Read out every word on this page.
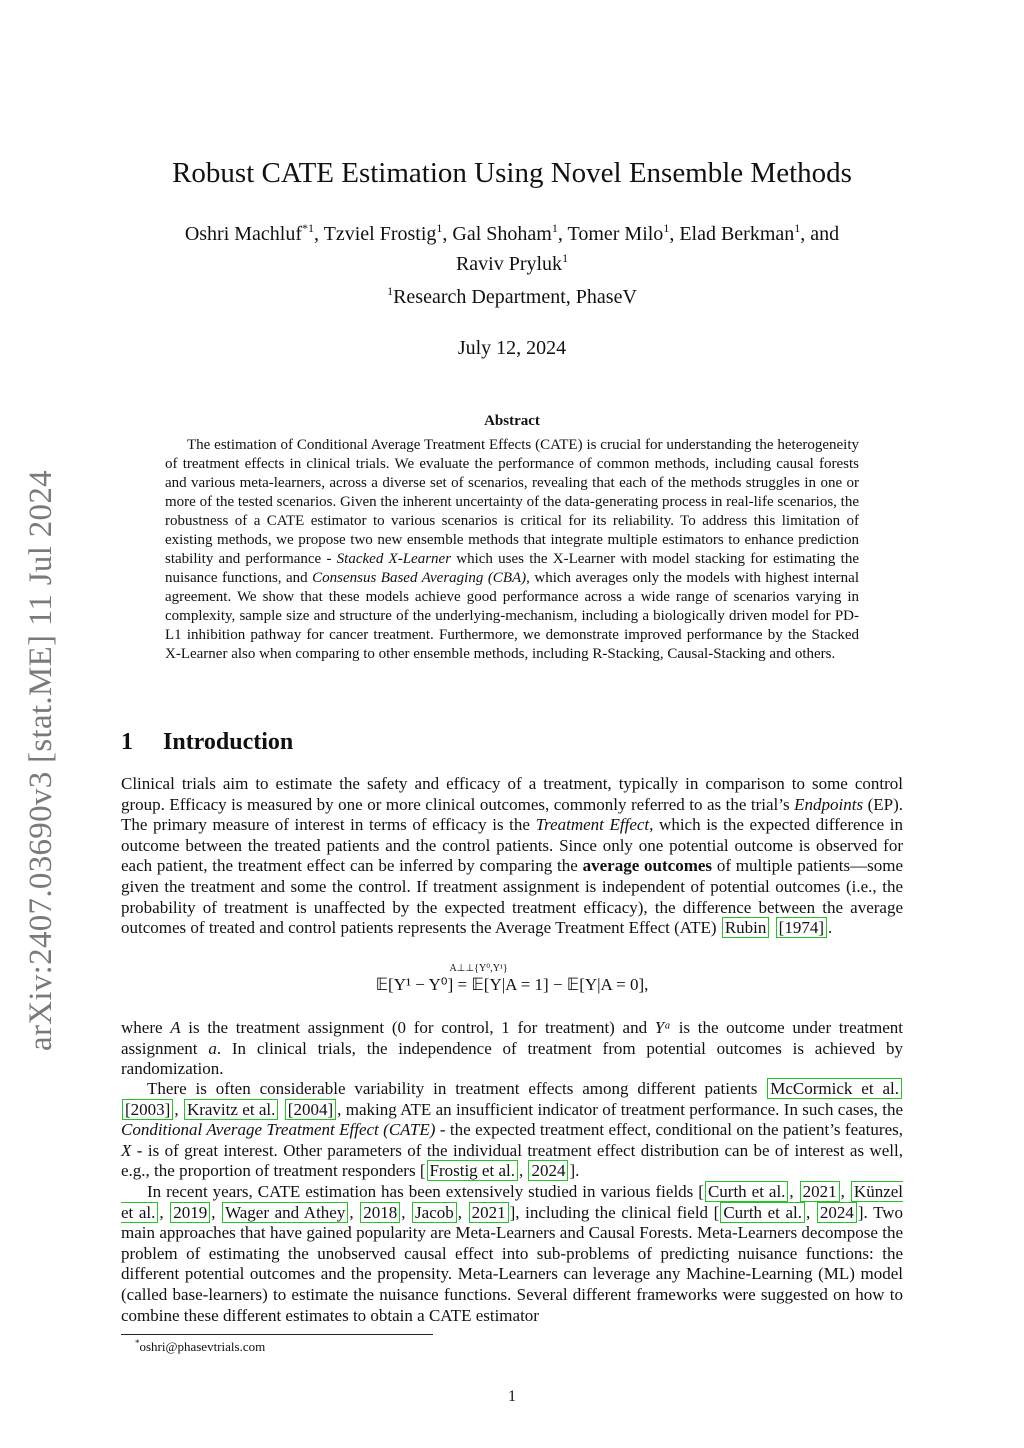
arXiv:2407.03690v3 [stat.ME] 11 Jul 2024
Robust CATE Estimation Using Novel Ensemble Methods
Oshri Machluf$^{*1}$, Tzviel Frostig$^1$, Gal Shoham$^1$, Tomer Milo$^1$, Elad Berkman$^1$, and
Raviv Pryluk$^1$
$^1$Research Department, PhaseV
July 12, 2024
Abstract

The estimation of Conditional Average Treatment Effects (CATE) is crucial for understanding the heterogeneity of treatment effects in clinical trials. We evaluate the performance of common methods, including causal forests and various meta-learners, across a diverse set of scenarios, revealing that each of the methods struggles in one or more of the tested scenarios. Given the inherent uncertainty of the data-generating process in real-life scenarios, the robustness of a CATE estimator to various scenarios is critical for its reliability. To address this limitation of existing methods, we propose two new ensemble methods that integrate multiple estimators to enhance prediction stability and performance - Stacked X-Learner which uses the X-Learner with model stacking for estimating the nuisance functions, and Consensus Based Averaging (CBA), which averages only the models with highest internal agreement. We show that these models achieve good performance across a wide range of scenarios varying in complexity, sample size and structure of the underlying-mechanism, including a biologically driven model for PD-L1 inhibition pathway for cancer treatment. Furthermore, we demonstrate improved performance by the Stacked X-Learner also when comparing to other ensemble methods, including R-Stacking, Causal-Stacking and others.

1 Introduction

Clinical trials aim to estimate the safety and efficacy of a treatment, typically in comparison to some control group. Efficacy is measured by one or more clinical outcomes, commonly referred to as the trial’s Endpoints (EP). The primary measure of interest in terms of efficacy is the Treatment Effect, which is the expected difference in outcome between the treated patients and the control patients. Since only one potential outcome is observed for each patient, the treatment effect can be inferred by comparing the average outcomes of multiple patients—some given the treatment and some the control. If treatment assignment is independent of potential outcomes (i.e., the probability of treatment is unaffected by the expected treatment efficacy), the difference between the average outcomes of treated and control patients represents the Average Treatment Effect (ATE) Rubin [1974] .

𝔼[Y¹ − Y⁰]
A⊥⊥{Y⁰,Y¹}
= 𝔼[Y|A = 1] − 𝔼[Y|A = 0],

where A is the treatment assignment (0 for control, 1 for treatment) and Yᵃ is the outcome under treatment assignment a. In clinical trials, the independence of treatment from potential outcomes is achieved by randomization.

There is often considerable variability in treatment effects among different patients McCormick et al. [2003] , Kravitz et al. [2004] , making ATE an insufficient indicator of treatment performance. In such cases, the Conditional Average Treatment Effect (CATE) - the expected treatment effect, conditional on the patient’s features, X - is of great interest. Other parameters of the individual treatment effect distribution can be of interest as well, e.g., the proportion of treatment responders [ Frostig et al. , 2024 ].

In recent years, CATE estimation has been extensively studied in various fields [ Curth et al. , 2021 , Künzel et al. , 2019 , Wager and Athey , 2018 , Jacob , 2021 ], including the clinical field [ Curth et al. , 2024 ]. Two main approaches that have gained popularity are Meta-Learners and Causal Forests. Meta-Learners decompose the problem of estimating the unobserved causal effect into sub-problems of predicting nuisance functions: the different potential outcomes and the propensity. Meta-Learners can leverage any Machine-Learning (ML) model (called base-learners) to estimate the nuisance functions. Several different frameworks were suggested on how to combine these different estimates to obtain a CATE estimator

*oshri@phasevtrials.com
1
